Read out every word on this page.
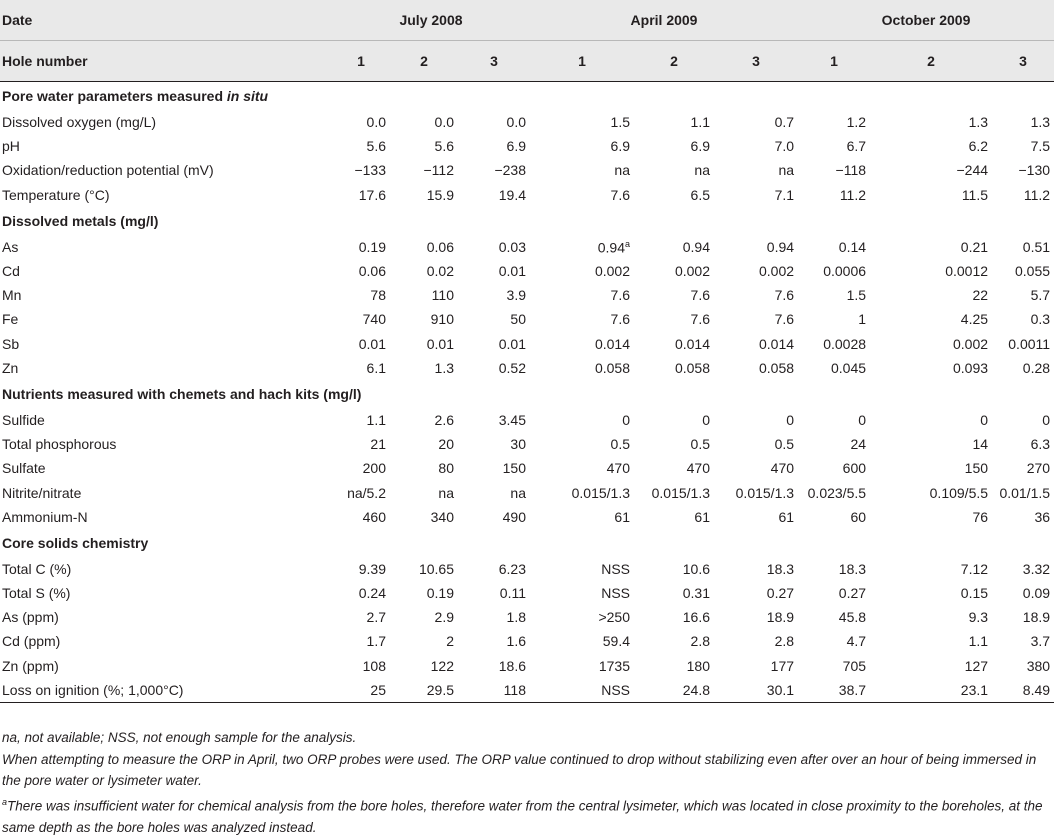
Date	July 2008			April 2009			October 2009		
Hole number	1	2	3	1	2	3	1	2	3
Pore water parameters measured in situ									
Dissolved oxygen (mg/L)	0.0	0.0	0.0	1.5	1.1	0.7	1.2	1.3	1.3
pH	5.6	5.6	6.9	6.9	6.9	7.0	6.7	6.2	7.5
Oxidation/reduction potential (mV)	−133	−112	−238	na	na	na	−118	−244	−130
Temperature (°C)	17.6	15.9	19.4	7.6	6.5	7.1	11.2	11.5	11.2
Dissolved metals (mg/l)									
As	0.19	0.06	0.03	0.94$^a$	0.94	0.94	0.14	0.21	0.51
Cd	0.06	0.02	0.01	0.002	0.002	0.002	0.0006	0.0012	0.055
Mn	78	110	3.9	7.6	7.6	7.6	1.5	22	5.7
Fe	740	910	50	7.6	7.6	7.6	1	4.25	0.3
Sb	0.01	0.01	0.01	0.014	0.014	0.014	0.0028	0.002	0.0011
Zn	6.1	1.3	0.52	0.058	0.058	0.058	0.045	0.093	0.28
Nutrients measured with chemets and hach kits (mg/l)									
Sulfide	1.1	2.6	3.45	0	0	0	0	0	0
Total phosphorous	21	20	30	0.5	0.5	0.5	24	14	6.3
Sulfate	200	80	150	470	470	470	600	150	270
Nitrite/nitrate	na/5.2	na	na	0.015/1.3	0.015/1.3	0.015/1.3	0.023/5.5	0.109/5.5	0.01/1.5
Ammonium-N	460	340	490	61	61	61	60	76	36
Core solids chemistry									
Total C (%)	9.39	10.65	6.23	NSS	10.6	18.3	18.3	7.12	3.32
Total S (%)	0.24	0.19	0.11	NSS	0.31	0.27	0.27	0.15	0.09
As (ppm)	2.7	2.9	1.8	>250	16.6	18.9	45.8	9.3	18.9
Cd (ppm)	1.7	2	1.6	59.4	2.8	2.8	4.7	1.1	3.7
Zn (ppm)	108	122	18.6	1735	180	177	705	127	380
Loss on ignition (%; 1,000°C)	25	29.5	118	NSS	24.8	30.1	38.7	23.1	8.49

na, not available; NSS, not enough sample for the analysis.

When attempting to measure the ORP in April, two ORP probes were used. The ORP value continued to drop without stabilizing even after over an hour of being immersed in the pore water or lysimeter water.

$^a$There was insufficient water for chemical analysis from the bore holes, therefore water from the central lysimeter, which was located in close proximity to the boreholes, at the same depth as the bore holes was analyzed instead.
